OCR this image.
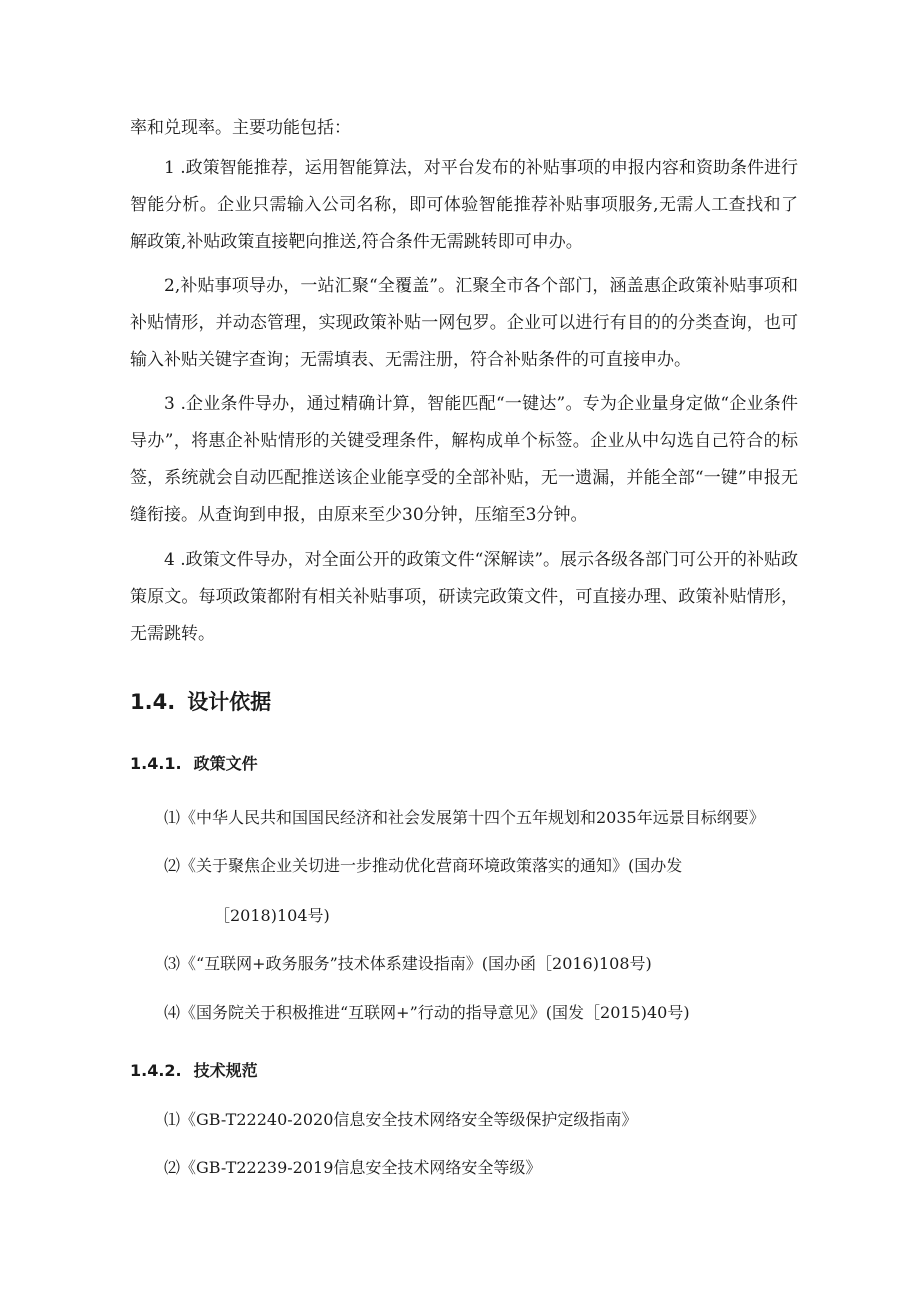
率和兑现率。主要功能包括：

1 .政策智能推荐，运用智能算法，对平台发布的补贴事项的申报内容和资助条件进行智能分析。企业只需输入公司名称，即可体验智能推荐补贴事项服务,无需人工查找和了解政策,补贴政策直接靶向推送,符合条件无需跳转即可申办。

2,补贴事项导办，一站汇聚“全覆盖”。汇聚全市各个部门，涵盖惠企政策补贴事项和补贴情形，并动态管理，实现政策补贴一网包罗。企业可以进行有目的的分类查询，也可输入补贴关键字查询；无需填表、无需注册，符合补贴条件的可直接申办。

3 .企业条件导办，通过精确计算，智能匹配“一键达”。专为企业量身定做“企业条件导办”，将惠企补贴情形的关键受理条件，解构成单个标签。企业从中勾选自己符合的标签，系统就会自动匹配推送该企业能享受的全部补贴，无一遗漏，并能全部“一键”申报无缝衔接。从查询到申报，由原来至少30分钟，压缩至3分钟。

4 .政策文件导办，对全面公开的政策文件“深解读”。展示各级各部门可公开的补贴政策原文。每项政策都附有相关补贴事项，研读完政策文件，可直接办理、政策补贴情形，无需跳转。

1.4. 设计依据
1.4.1. 政策文件

⑴《中华人民共和国国民经济和社会发展第十四个五年规划和2035年远景目标纲要》

⑵《关于聚焦企业关切进一步推动优化营商环境政策落实的通知》(国办发

［2018)104号)

⑶《“互联网+政务服务”技术体系建设指南》(国办函［2016)108号)

⑷《国务院关于积极推进“互联网+”行动的指导意见》(国发［2015)40号)

1.4.2. 技术规范

⑴《GB-T22240-2020信息安全技术网络安全等级保护定级指南》

⑵《GB-T22239-2019信息安全技术网络安全等级》
